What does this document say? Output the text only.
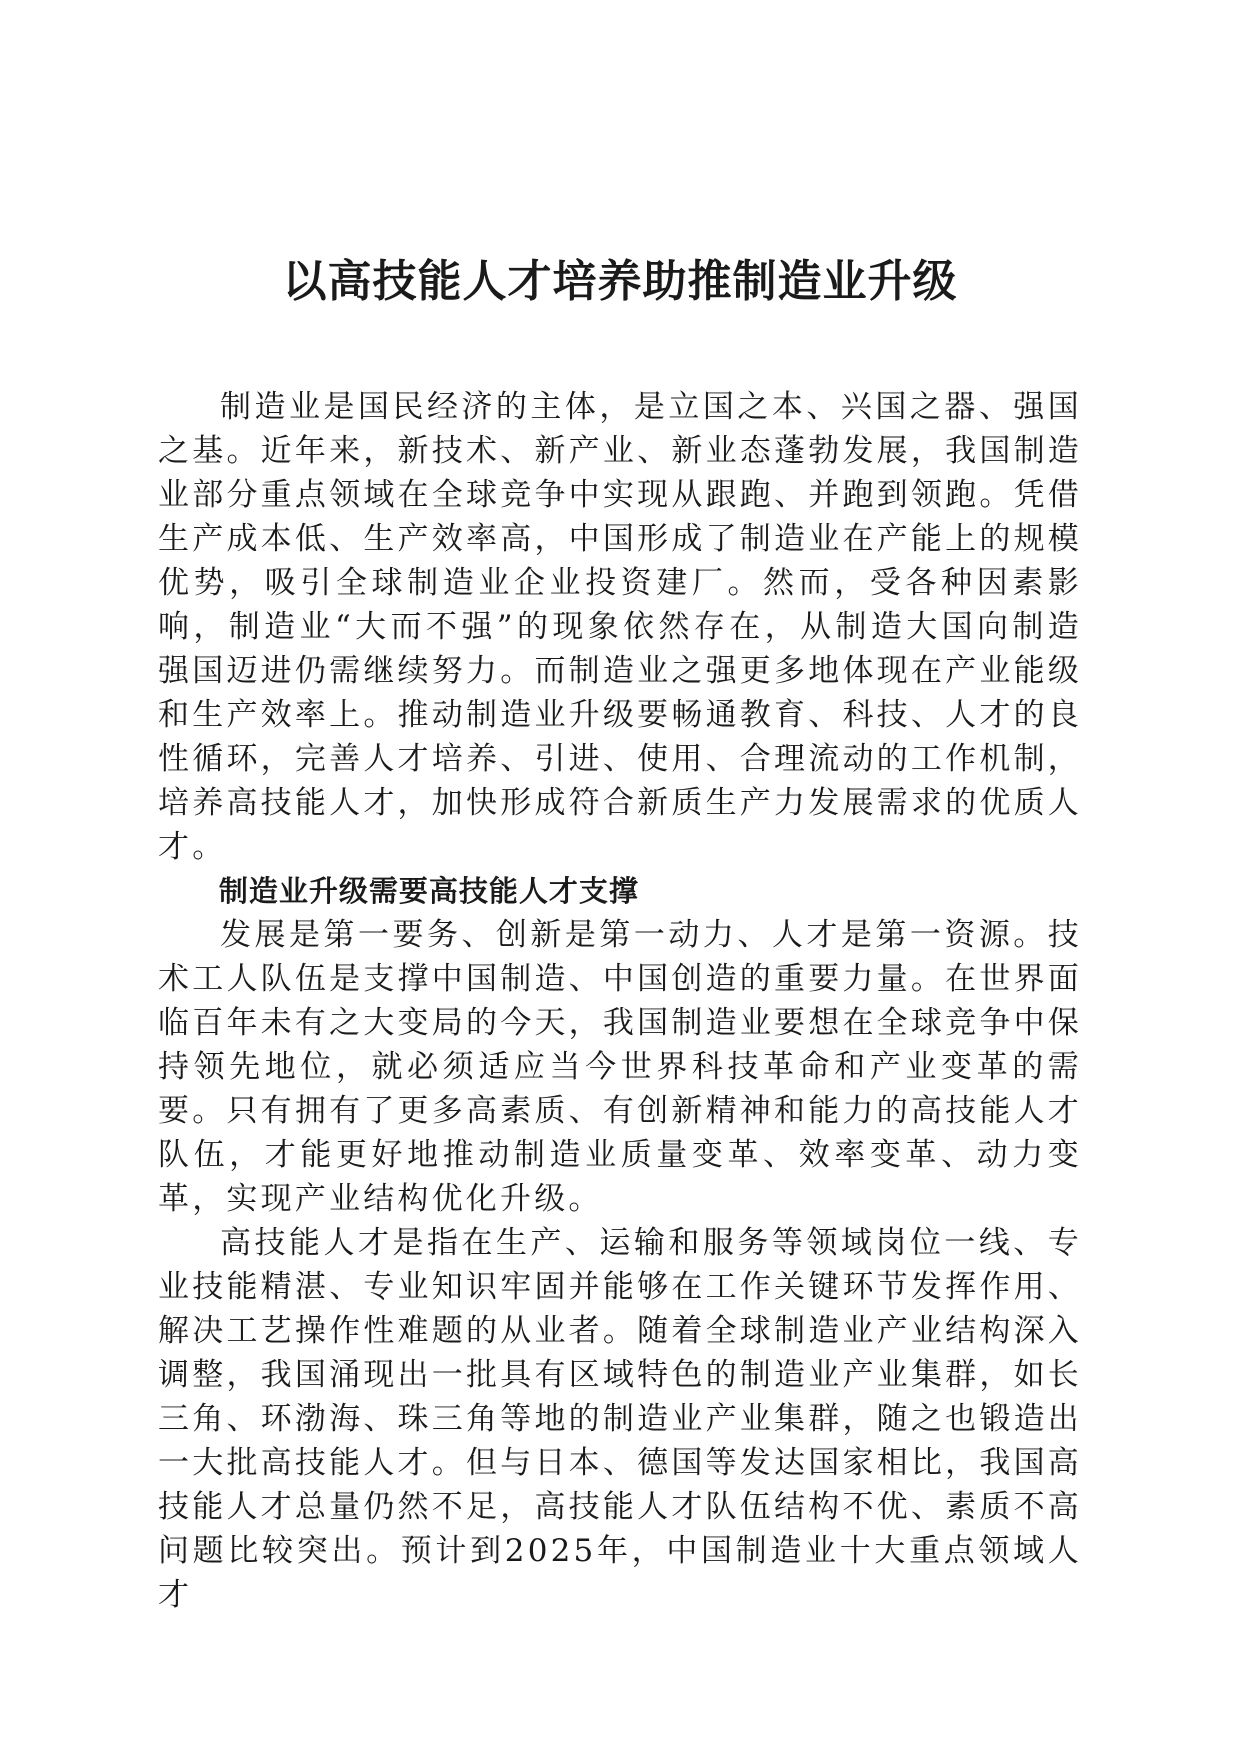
以高技能人才培养助推制造业升级

制造业是国民经济的主体，是立国之本、兴国之器、强国之基。近年来，新技术、新产业、新业态蓬勃发展，我国制造业部分重点领域在全球竞争中实现从跟跑、并跑到领跑。凭借生产成本低、生产效率高，中国形成了制造业在产能上的规模优势，吸引全球制造业企业投资建厂。然而，受各种因素影响，制造业“大而不强”的现象依然存在，从制造大国向制造强国迈进仍需继续努力。而制造业之强更多地体现在产业能级和生产效率上。推动制造业升级要畅通教育、科技、人才的良性循环，完善人才培养、引进、使用、合理流动的工作机制，培养高技能人才，加快形成符合新质生产力发展需求的优质人才。

制造业升级需要高技能人才支撑

发展是第一要务、创新是第一动力、人才是第一资源。技术工人队伍是支撑中国制造、中国创造的重要力量。在世界面临百年未有之大变局的今天，我国制造业要想在全球竞争中保持领先地位，就必须适应当今世界科技革命和产业变革的需要。只有拥有了更多高素质、有创新精神和能力的高技能人才队伍，才能更好地推动制造业质量变革、效率变革、动力变革，实现产业结构优化升级。

高技能人才是指在生产、运输和服务等领域岗位一线、专业技能精湛、专业知识牢固并能够在工作关键环节发挥作用、解决工艺操作性难题的从业者。随着全球制造业产业结构深入调整，我国涌现出一批具有区域特色的制造业产业集群，如长三角、环渤海、珠三角等地的制造业产业集群，随之也锻造出一大批高技能人才。但与日本、德国等发达国家相比，我国高技能人才总量仍然不足，高技能人才队伍结构不优、素质不高问题比较突出。预计到2025年，中国制造业十大重点领域人才
